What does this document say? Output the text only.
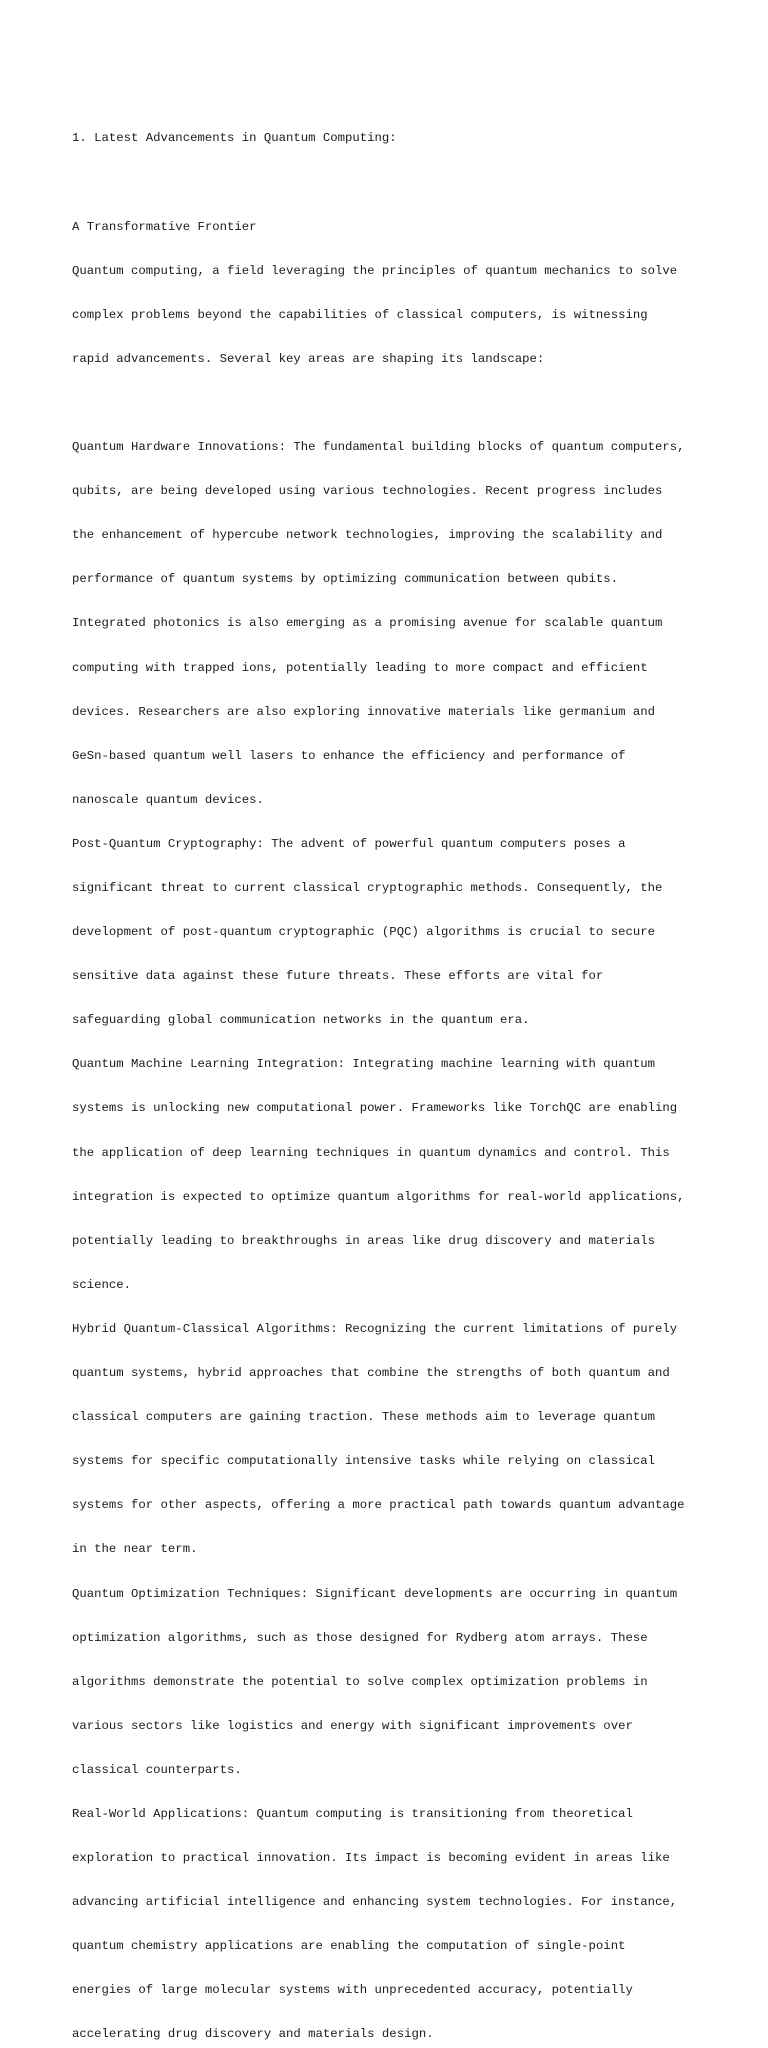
1. Latest Advancements in Quantum Computing:

A Transformative Frontier

Quantum computing, a field leveraging the principles of quantum mechanics to solve

complex problems beyond the capabilities of classical computers, is witnessing

rapid advancements. Several key areas are shaping its landscape:

Quantum Hardware Innovations: The fundamental building blocks of quantum computers,

qubits, are being developed using various technologies. Recent progress includes

the enhancement of hypercube network technologies, improving the scalability and

performance of quantum systems by optimizing communication between qubits.

Integrated photonics is also emerging as a promising avenue for scalable quantum

computing with trapped ions, potentially leading to more compact and efficient

devices. Researchers are also exploring innovative materials like germanium and

GeSn-based quantum well lasers to enhance the efficiency and performance of

nanoscale quantum devices.

Post-Quantum Cryptography: The advent of powerful quantum computers poses a

significant threat to current classical cryptographic methods. Consequently, the

development of post-quantum cryptographic (PQC) algorithms is crucial to secure

sensitive data against these future threats. These efforts are vital for

safeguarding global communication networks in the quantum era.

Quantum Machine Learning Integration: Integrating machine learning with quantum

systems is unlocking new computational power. Frameworks like TorchQC are enabling

the application of deep learning techniques in quantum dynamics and control. This

integration is expected to optimize quantum algorithms for real-world applications,

potentially leading to breakthroughs in areas like drug discovery and materials

science.

Hybrid Quantum-Classical Algorithms: Recognizing the current limitations of purely

quantum systems, hybrid approaches that combine the strengths of both quantum and

classical computers are gaining traction. These methods aim to leverage quantum

systems for specific computationally intensive tasks while relying on classical

systems for other aspects, offering a more practical path towards quantum advantage

in the near term.

Quantum Optimization Techniques: Significant developments are occurring in quantum

optimization algorithms, such as those designed for Rydberg atom arrays. These

algorithms demonstrate the potential to solve complex optimization problems in

various sectors like logistics and energy with significant improvements over

classical counterparts.

Real-World Applications: Quantum computing is transitioning from theoretical

exploration to practical innovation. Its impact is becoming evident in areas like

advancing artificial intelligence and enhancing system technologies. For instance,

quantum chemistry applications are enabling the computation of single-point

energies of large molecular systems with unprecedented accuracy, potentially

accelerating drug discovery and materials design.
